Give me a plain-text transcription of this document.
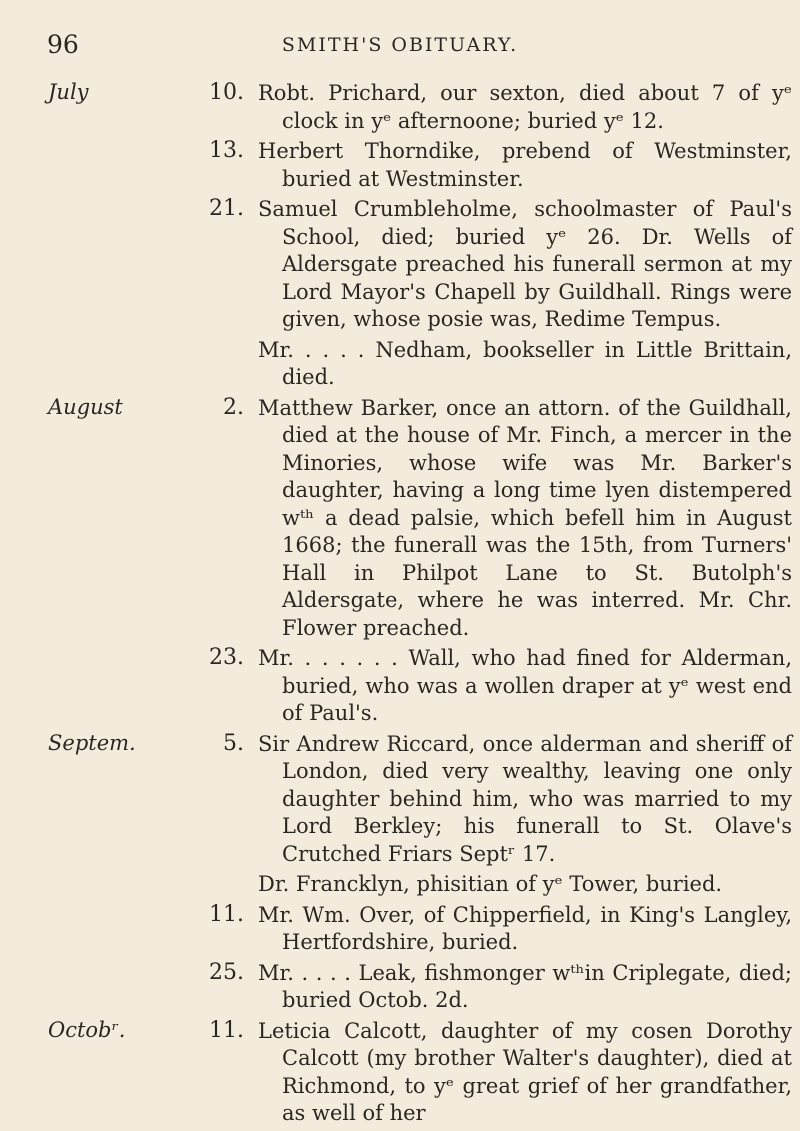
96	SMITH'S OBITUARY.
July	10. Robt. Prichard, our sexton, died about 7 of yᵉ clock in yᵉ afternoone; buried yᵉ 12.
13. Herbert Thorndike, prebend of Westminster, buried at Westminster.
21. Samuel Crumbleholme, schoolmaster of Paul's School, died; buried yᵉ 26. Dr. Wells of Aldersgate preached his funerall sermon at my Lord Mayor's Chapell by Guildhall. Rings were given, whose posie was, Redime Tempus.
Mr. . . . . Nedham, bookseller in Little Brittain, died.
August	2. Matthew Barker, once an attorn. of the Guildhall, died at the house of Mr. Finch, a mercer in the Minories, whose wife was Mr. Barker's daughter, having a long time lyen distempered wᵗʰ a dead palsie, which befell him in August 1668; the funerall was the 15th, from Turners' Hall in Philpot Lane to St. Butolph's Aldersgate, where he was interred. Mr. Chr. Flower preached.
23. Mr. . . . . . . Wall, who had fined for Alderman, buried, who was a wollen draper at yᵉ west end of Paul's.
Septem.	5. Sir Andrew Riccard, once alderman and sheriff of London, died very wealthy, leaving one only daughter behind him, who was married to my Lord Berkley; his funerall to St. Olave's Crutched Friars Septʳ 17.
Dr. Francklyn, phisitian of yᵉ Tower, buried.
11. Mr. Wm. Over, of Chipperfield, in King's Langley, Hertfordshire, buried.
25. Mr. . . . . Leak, fishmonger wᵗʰin Criplegate, died; buried Octob. 2d.
Octobʳ.	11. Leticia Calcott, daughter of my cosen Dorothy Calcott (my brother Walter's daughter), died at Richmond, to yᵉ great grief of her grandfather, as well of her
